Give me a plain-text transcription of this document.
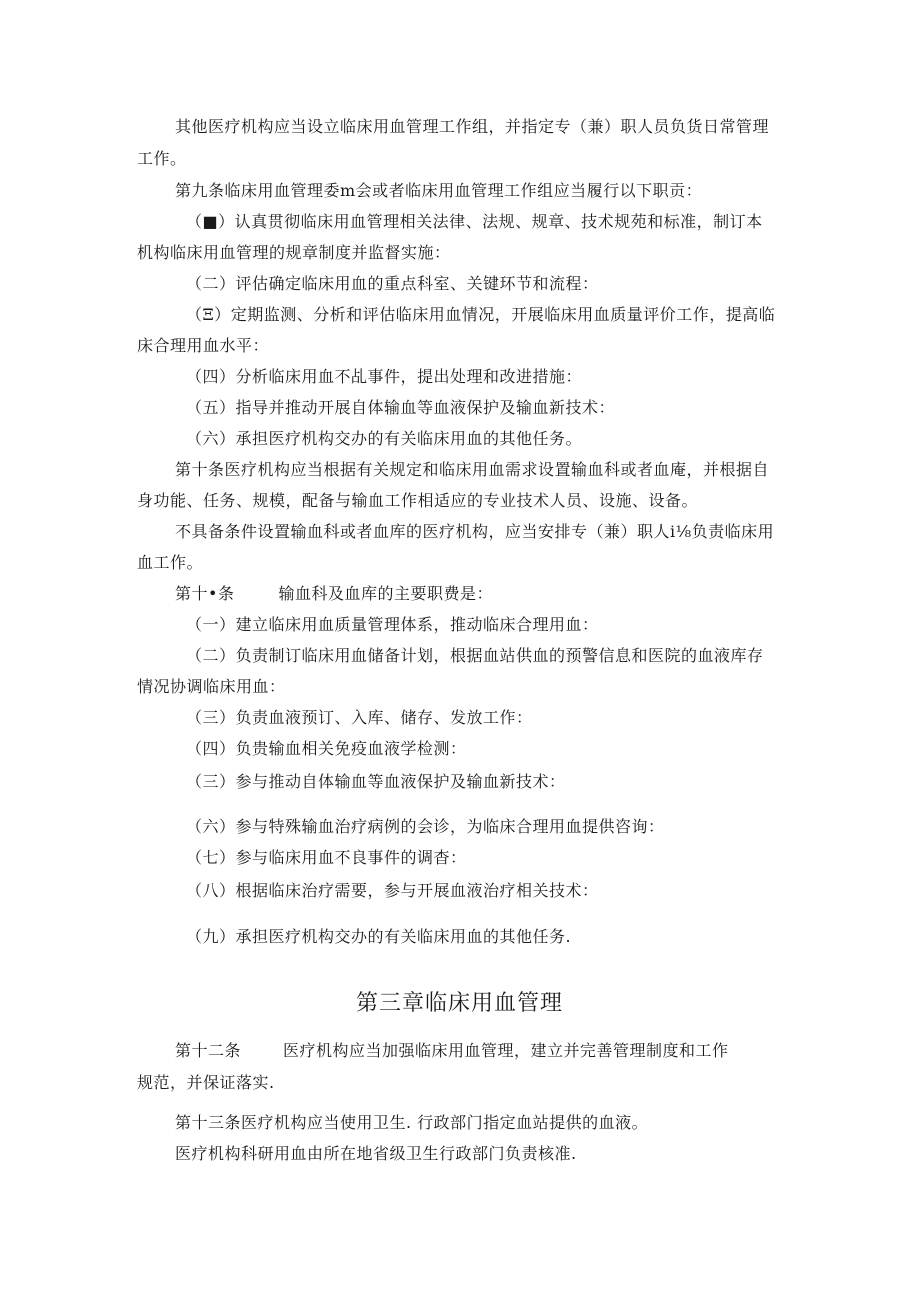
其他医疗机构应当设立临床用血管理工作组，并指定专（兼）职人员负货日常管理
工作。
第九条临床用血管理委m会或者临床用血管理工作组应当履行以下职贡：
（■）认真贯彻临床用血管理相关法律、法规、规章、技术规苑和标准，制订本
机构临床用血管理的规章制度并监督实施：
（二）评估确定临床用血的重点科室、关键环节和流程：
（Ξ）定期监测、分析和评估临床用血情况，开展临床用血质量评价工作，提高临
床合理用血水平：
（四）分析临床用血不乩事件，提出处理和改进措施：
（五）指导并推动开展自体输血等血液保护及输血新技术：
（六）承担医疗机构交办的有关临床用血的其他任务。
第十条医疗机构应当根据有关规定和临床用血需求设置输血科或者血庵，并根据自
身功能、任务、规模，配备与输血工作相适应的专业技术人员、设施、设备。
不具备条件设置输血科或者血库的医疗机构，应当安排专（兼）职人i⅛负责临床用
血工作。
第十•条	输血科及血库的主要职费是：
（一）建立临床用血质量管理体系，推动临床合理用血：
（二）负责制订临床用血储备计划，根据血站供血的预警信息和医院的血液库存
情况协调临床用血：
（三）负责血液预订、入库、储存、发放工作：
（四）负贵输血相关免疫血液学检测：
（三）参与推动自体输血等血液保护及输血新技术：
（六）参与特殊输血治疗病例的会诊，为临床合理用血提供咨询：
（七）参与临床用血不良事件的调杳：
（八）根据临床治疗需要，参与开展血液治疗相关技术：
（九）承担医疗机构交办的有关临床用血的其他任务.
第三章临床用血管理
第十二条	医疗机构应当加强临床用血管理，建立并完善管理制度和工作
规范，并保证落实.
第十三条医疗机构应当使用卫生. 行政部门指定血站提供的血液。
医疗机构科研用血由所在地省级卫生行政部门负责核准.
